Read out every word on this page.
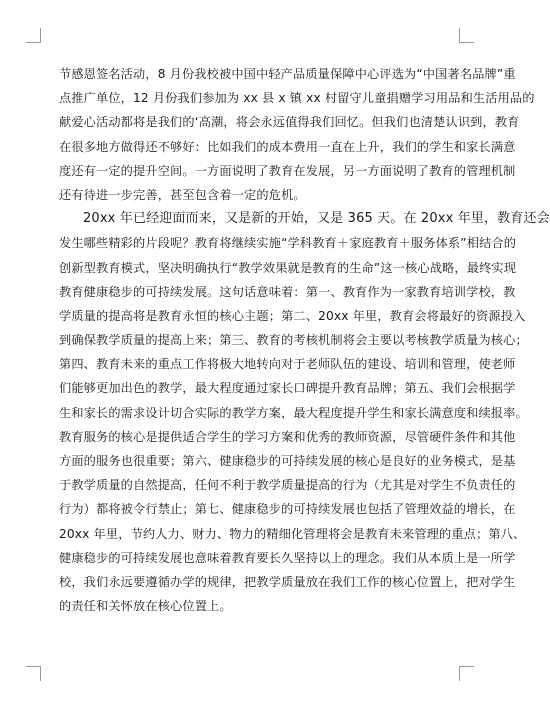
节感恩签名活动，8 月份我校被中国中轻产品质量保障中心评选为“中国著名品牌”重
点推广单位，12 月份我们参加为 xx 县 x 镇 xx 村留守儿童捐赠学习用品和生活用品的
献爱心活动都将是我们的‘高潮，将会永远值得我们回忆。但我们也清楚认识到，教育
在很多地方做得还不够好：比如我们的成本费用一直在上升，我们的学生和家长满意
度还有一定的提升空间。一方面说明了教育在发展，另一方面说明了教育的管理机制
还有待进一步完善，甚至包含着一定的危机。
20xx 年已经迎面而来，又是新的开始，又是 365 天。在 20xx 年里，教育还会
发生哪些精彩的片段呢？教育将继续实施“学科教育＋家庭教育＋服务体系”相结合的
创新型教育模式，坚决明确执行“教学效果就是教育的生命”这一核心战略，最终实现
教育健康稳步的可持续发展。这句话意味着：第一、教育作为一家教育培训学校，教
学质量的提高将是教育永恒的核心主题；第二、20xx 年里，教育会将最好的资源投入
到确保教学质量的提高上来；第三、教育的考核机制将会主要以考核教学质量为核心；
第四、教育未来的重点工作将极大地转向对于老师队伍的建设、培训和管理，使老师
们能够更加出色的教学，最大程度通过家长口碑提升教育品牌；第五、我们会根据学
生和家长的需求设计切合实际的教学方案，最大程度提升学生和家长满意度和续报率。
教育服务的核心是提供适合学生的学习方案和优秀的教师资源，尽管硬件条件和其他
方面的服务也很重要；第六、健康稳步的可持续发展的核心是良好的业务模式，是基
于教学质量的自然提高，任何不利于教学质量提高的行为（尤其是对学生不负责任的
行为）都将被令行禁止；第七、健康稳步的可持续发展也包括了管理效益的增长，在
20xx 年里，节约人力、财力、物力的精细化管理将会是教育未来管理的重点；第八、
健康稳步的可持续发展也意味着教育要长久坚持以上的理念。我们从本质上是一所学
校，我们永远要遵循办学的规律，把教学质量放在我们工作的核心位置上，把对学生
的责任和关怀放在核心位置上。
